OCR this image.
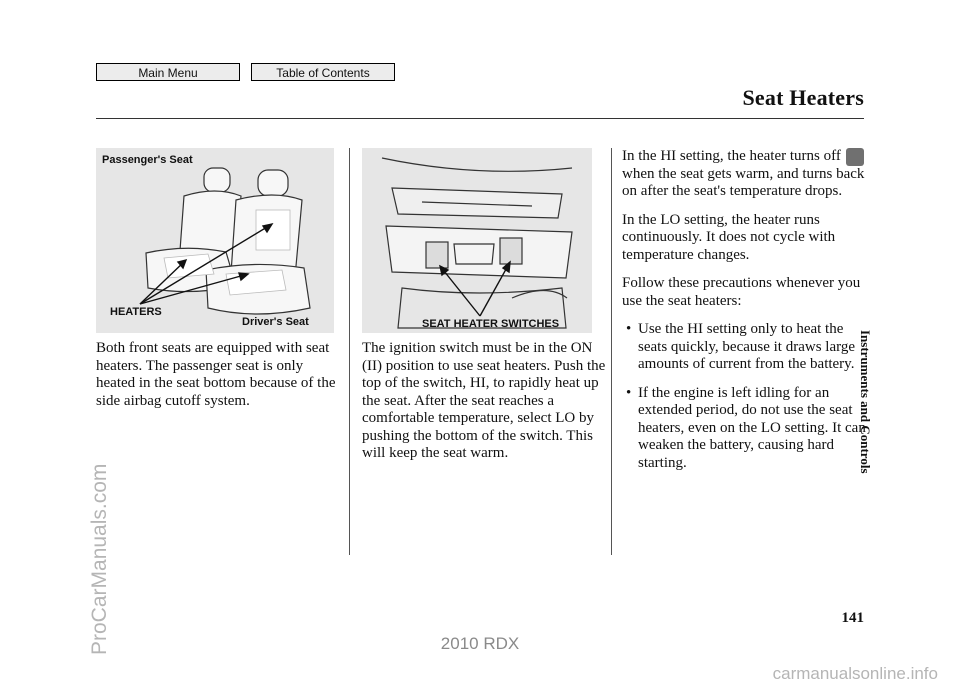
Main Menu	Table of Contents
Seat Heaters
Instruments and Controls
Passenger's Seat
HEATERS
Driver's Seat	SEAT HEATER SWITCHES

Both front seats are equipped with seat heaters. The passenger seat is only heated in the seat bottom because of the side airbag cutoff system.

The ignition switch must be in the ON (II) position to use seat heaters. Push the top of the switch, HI, to rapidly heat up the seat. After the seat reaches a comfortable temperature, select LO by pushing the bottom of the switch. This will keep the seat warm.

In the HI setting, the heater turns off when the seat gets warm, and turns back on after the seat's temperature drops.

In the LO setting, the heater runs continuously. It does not cycle with temperature changes.

Follow these precautions whenever you use the seat heaters:

• Use the HI setting only to heat the seats quickly, because it draws large amounts of current from the battery.
• If the engine is left idling for an extended period, do not use the seat heaters, even on the LO setting. It can weaken the battery, causing hard starting.
141
2010 RDX
ProCarManuals.com
carmanualsonline.info
